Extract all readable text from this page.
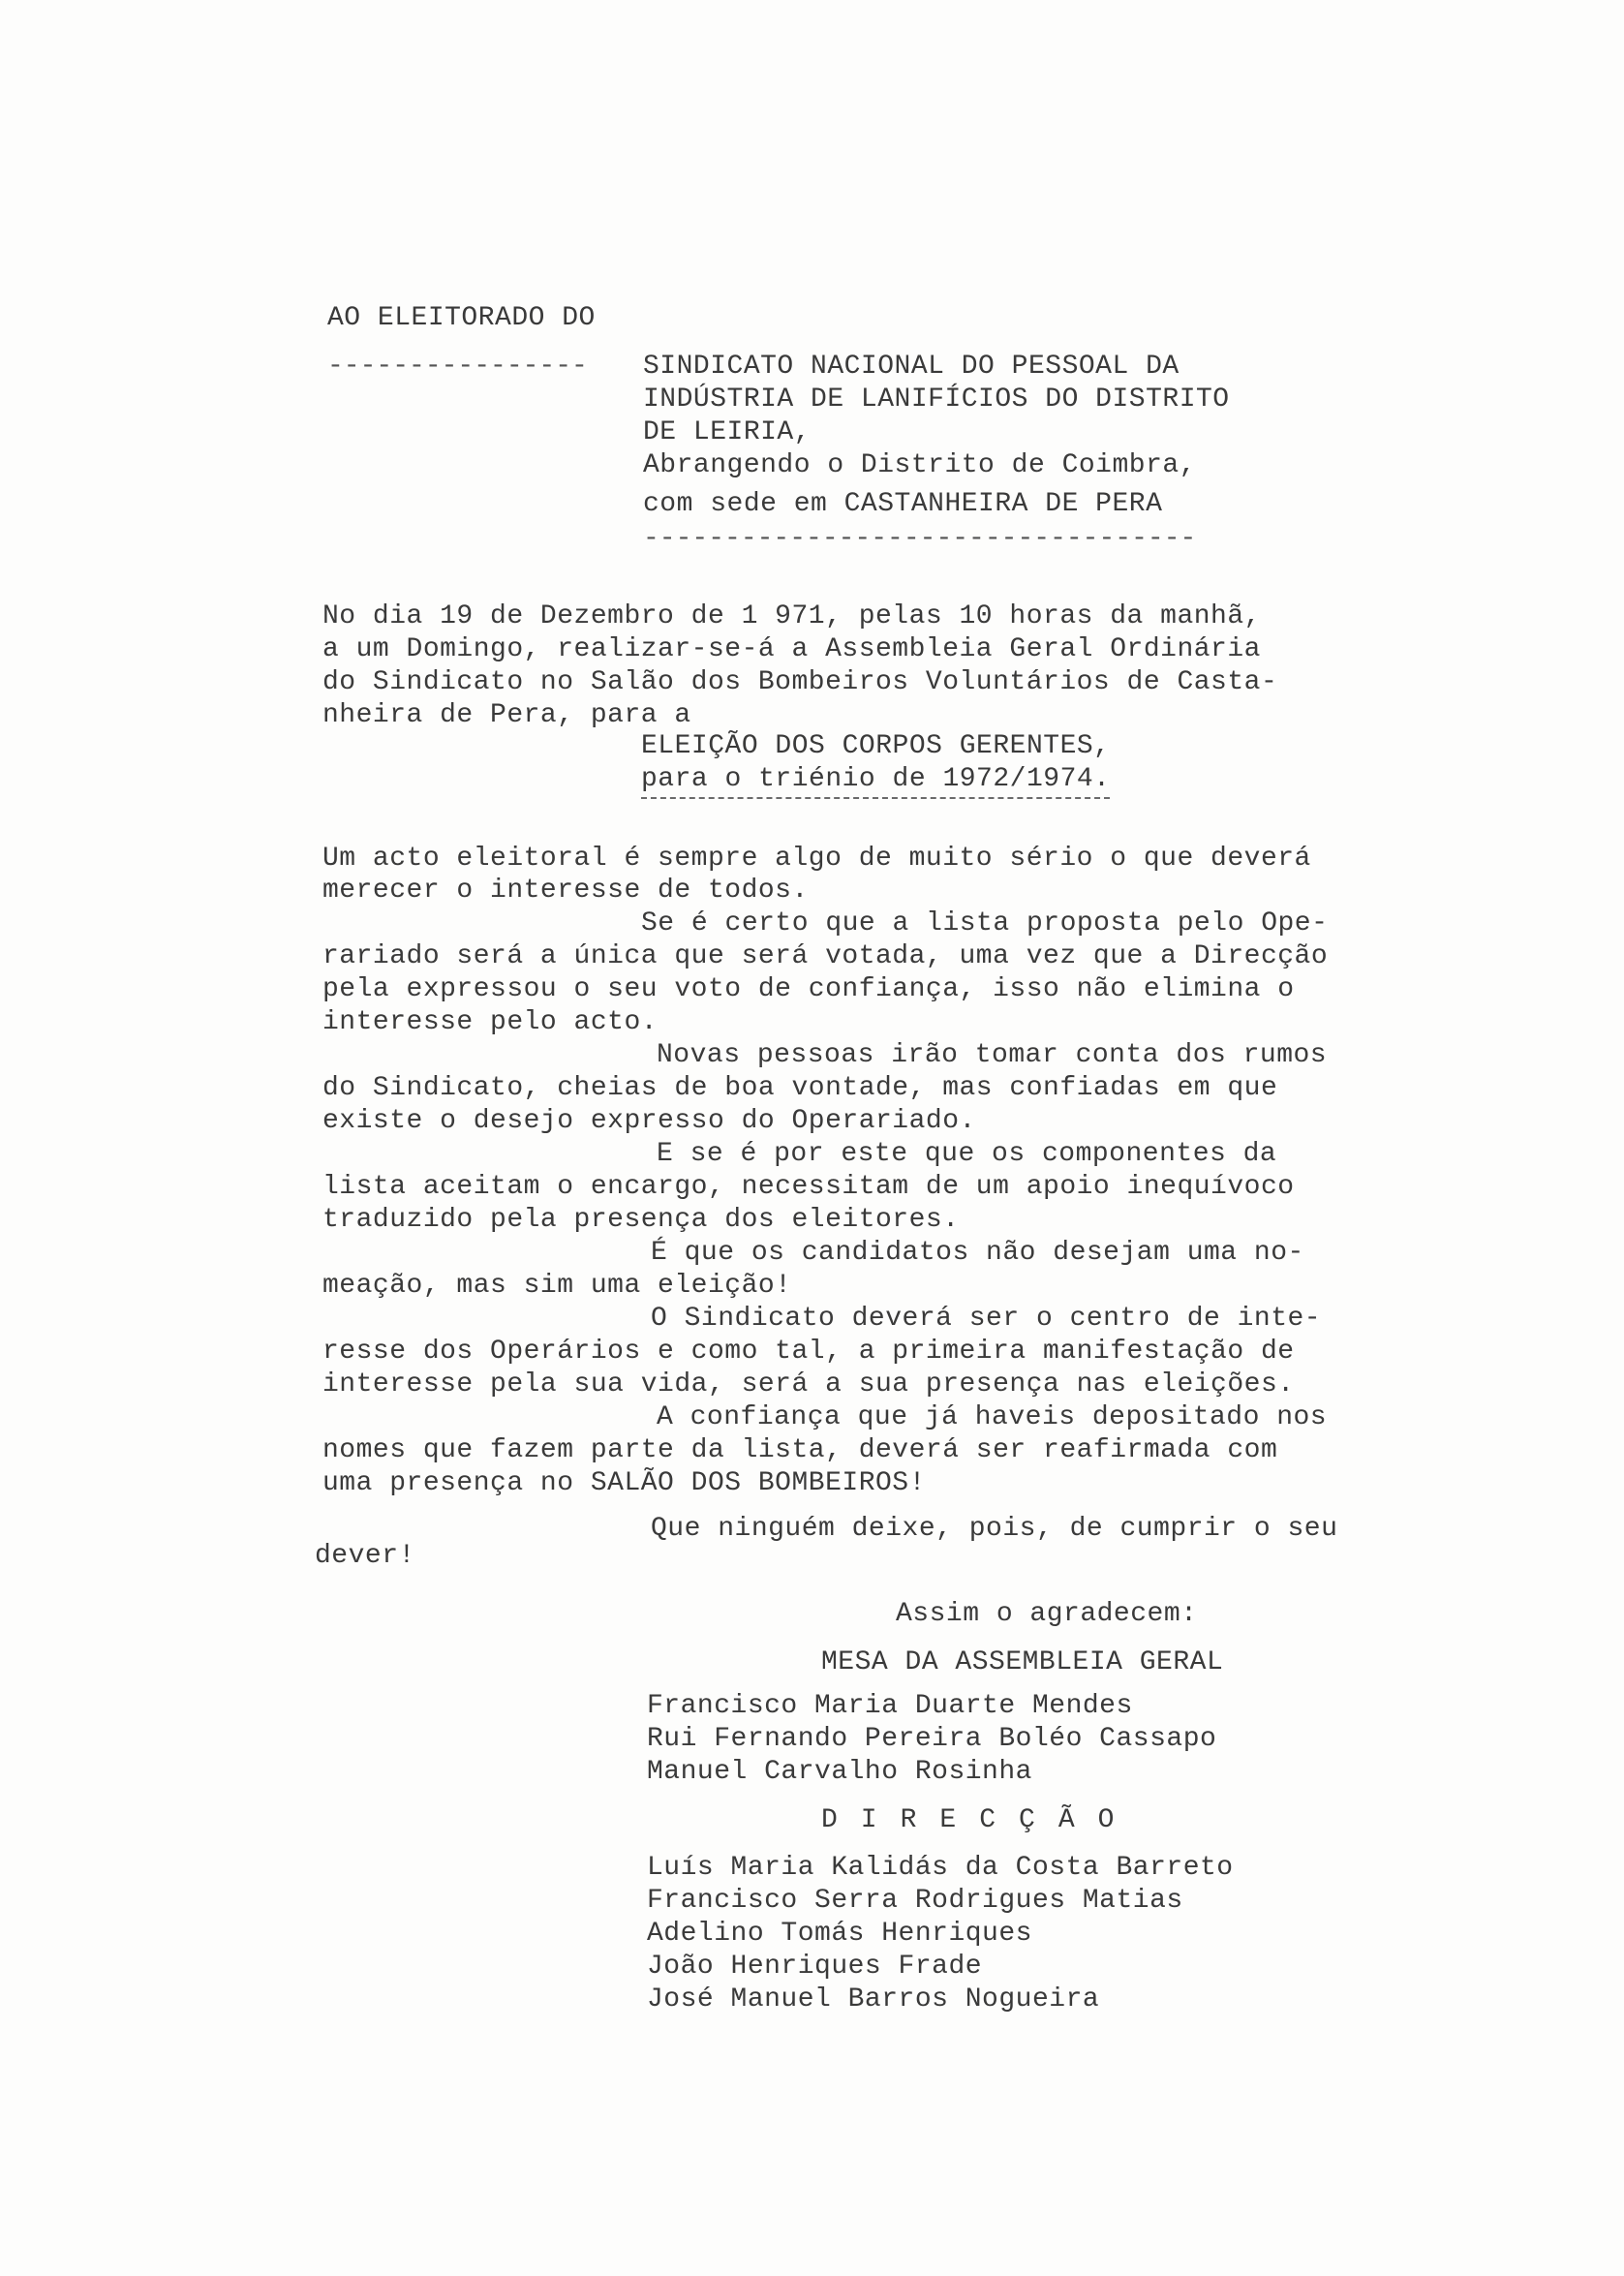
AO ELEITORADO DO
---------------- SINDICATO NACIONAL DO PESSOAL DA
INDÚSTRIA DE LANIFÍCIOS DO DISTRITO
DE LEIRIA,
Abrangendo o Distrito de Coimbra,
com sede em CASTANHEIRA DE PERA
----------------------------------
No dia 19 de Dezembro de 1 971, pelas 10 horas da manhã,
a um Domingo, realizar-se-á a Assembleia Geral Ordinária
do Sindicato no Salão dos Bombeiros Voluntários de Casta-
nheira de Pera, para a
ELEIÇÃO DOS CORPOS GERENTES,
para o triénio de 1972/1974.
Um acto eleitoral é sempre algo de muito sério o que deverá
merecer o interesse de todos.
Se é certo que a lista proposta pelo Ope-
rariado será a única que será votada, uma vez que a Direcção
pela expressou o seu voto de confiança, isso não elimina o
interesse pelo acto.
Novas pessoas irão tomar conta dos rumos
do Sindicato, cheias de boa vontade, mas confiadas em que
existe o desejo expresso do Operariado.
E se é por este que os componentes da
lista aceitam o encargo, necessitam de um apoio inequívoco
traduzido pela presença dos eleitores.
É que os candidatos não desejam uma no-
meação, mas sim uma eleição!
O Sindicato deverá ser o centro de inte-
resse dos Operários e como tal, a primeira manifestação de
interesse pela sua vida, será a sua presença nas eleições.
A confiança que já haveis depositado nos
nomes que fazem parte da lista, deverá ser reafirmada com
uma presença no SALÃO DOS BOMBEIROS!
Que ninguém deixe, pois, de cumprir o seu
dever!
Assim o agradecem:
MESA DA ASSEMBLEIA GERAL
Francisco Maria Duarte Mendes
Rui Fernando Pereira Boléo Cassapo
Manuel Carvalho Rosinha
DIRECÇÃO
Luís Maria Kalidás da Costa Barreto
Francisco Serra Rodrigues Matias
Adelino Tomás Henriques
João Henriques Frade
José Manuel Barros Nogueira
